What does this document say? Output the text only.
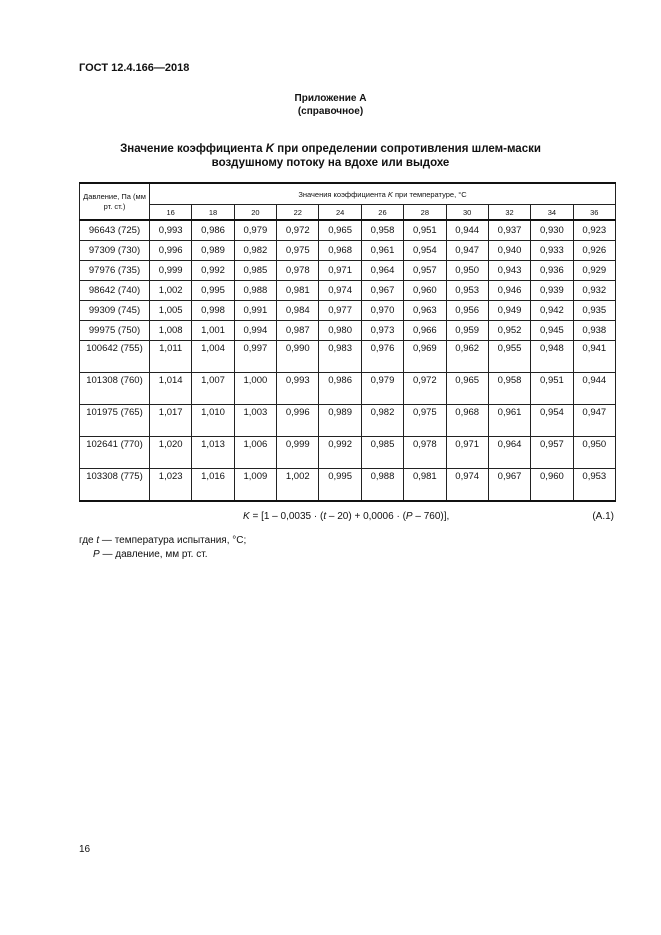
ГОСТ 12.4.166—2018
Приложение А
(справочное)
Значение коэффициента K при определении сопротивления шлем-маски
воздушному потоку на вдохе или выдохе
Давление, Па (мм рт. ст.)	Значения коэффициента K при температуре, °С										
	16	18	20	22	24	26	28	30	32	34	36
96643 (725)	0,993	0,986	0,979	0,972	0,965	0,958	0,951	0,944	0,937	0,930	0,923
97309 (730)	0,996	0,989	0,982	0,975	0,968	0,961	0,954	0,947	0,940	0,933	0,926
97976 (735)	0,999	0,992	0,985	0,978	0,971	0,964	0,957	0,950	0,943	0,936	0,929
98642 (740)	1,002	0,995	0,988	0,981	0,974	0,967	0,960	0,953	0,946	0,939	0,932
99309 (745)	1,005	0,998	0,991	0,984	0,977	0,970	0,963	0,956	0,949	0,942	0,935
99975 (750)	1,008	1,001	0,994	0,987	0,980	0,973	0,966	0,959	0,952	0,945	0,938
100642 (755)	1,011	1,004	0,997	0,990	0,983	0,976	0,969	0,962	0,955	0,948	0,941
101308 (760)	1,014	1,007	1,000	0,993	0,986	0,979	0,972	0,965	0,958	0,951	0,944
101975 (765)	1,017	1,010	1,003	0,996	0,989	0,982	0,975	0,968	0,961	0,954	0,947
102641 (770)	1,020	1,013	1,006	0,999	0,992	0,985	0,978	0,971	0,964	0,957	0,950
103308 (775)	1,023	1,016	1,009	1,002	0,995	0,988	0,981	0,974	0,967	0,960	0,953
K = [1 – 0,0035 · (t – 20) + 0,0006 · (P – 760)],	(А.1)
где t — температура испытания, °С;
P — давление, мм рт. ст.
16
